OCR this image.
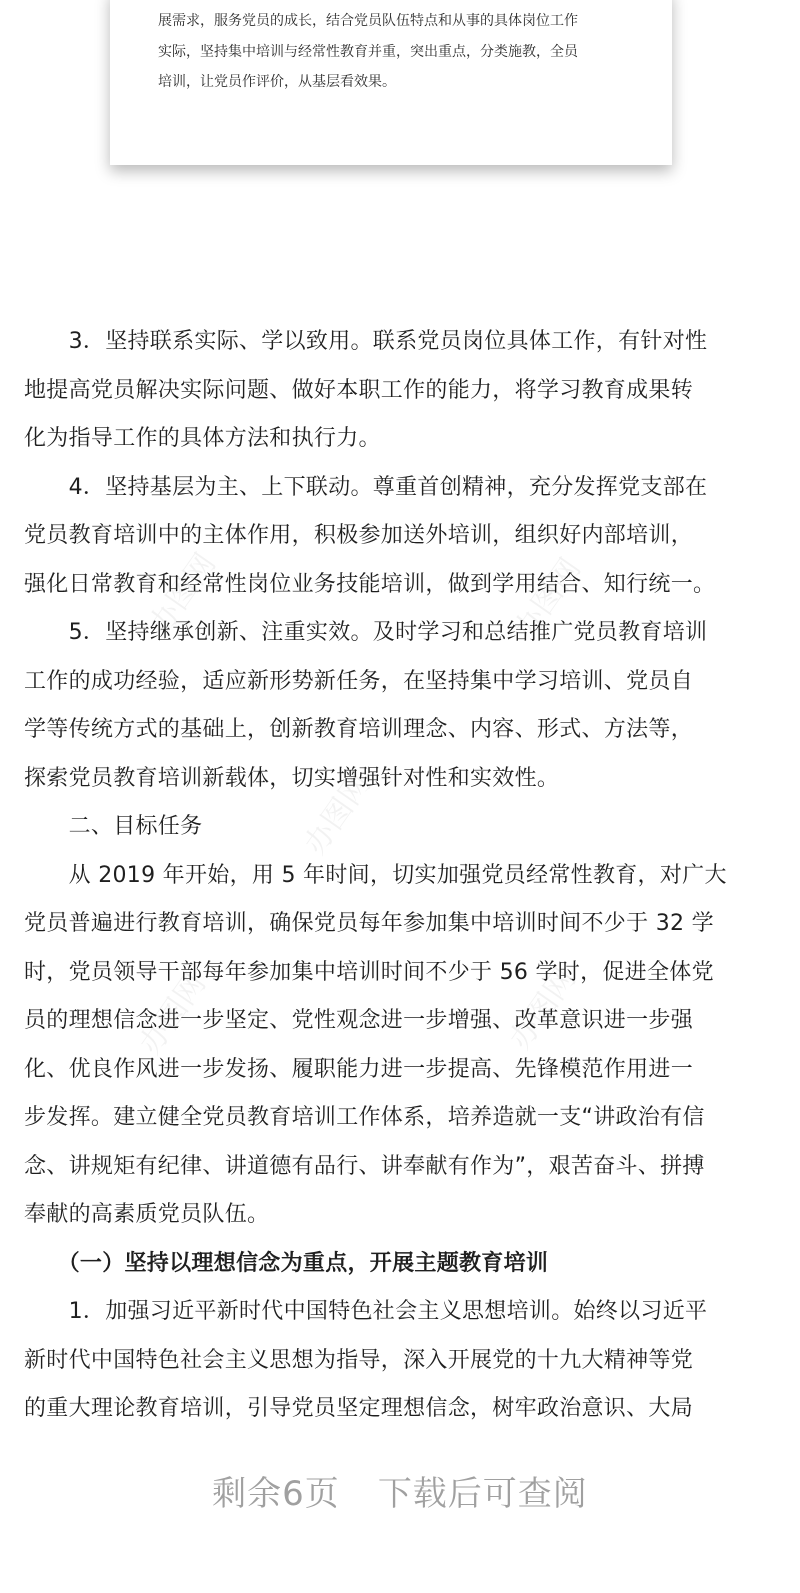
展需求，服务党员的成长，结合党员队伍特点和从事的具体岗位工作

实际，坚持集中培训与经常性教育并重，突出重点，分类施教，全员

培训，让党员作评价，从基层看效果。

办图网	办图网
办图网
办图网	办图网

　　3．坚持联系实际、学以致用。联系党员岗位具体工作，有针对性

地提高党员解决实际问题、做好本职工作的能力，将学习教育成果转

化为指导工作的具体方法和执行力。

　　4．坚持基层为主、上下联动。尊重首创精神，充分发挥党支部在

党员教育培训中的主体作用，积极参加送外培训，组织好内部培训，

强化日常教育和经常性岗位业务技能培训，做到学用结合、知行统一。

　　5．坚持继承创新、注重实效。及时学习和总结推广党员教育培训

工作的成功经验，适应新形势新任务，在坚持集中学习培训、党员自

学等传统方式的基础上，创新教育培训理念、内容、形式、方法等，

探索党员教育培训新载体，切实增强针对性和实效性。

　　二、目标任务

　　从 2019 年开始，用 5 年时间，切实加强党员经常性教育，对广大

党员普遍进行教育培训，确保党员每年参加集中培训时间不少于 32 学

时，党员领导干部每年参加集中培训时间不少于 56 学时，促进全体党

员的理想信念进一步坚定、党性观念进一步增强、改革意识进一步强

化、优良作风进一步发扬、履职能力进一步提高、先锋模范作用进一

步发挥。建立健全党员教育培训工作体系，培养造就一支“讲政治有信

念、讲规矩有纪律、讲道德有品行、讲奉献有作为”，艰苦奋斗、拼搏

奉献的高素质党员队伍。

　　（一）坚持以理想信念为重点，开展主题教育培训

　　1．加强习近平新时代中国特色社会主义思想培训。始终以习近平

新时代中国特色社会主义思想为指导，深入开展党的十九大精神等党

的重大理论教育培训，引导党员坚定理想信念，树牢政治意识、大局

剩余6页 下载后可查阅
